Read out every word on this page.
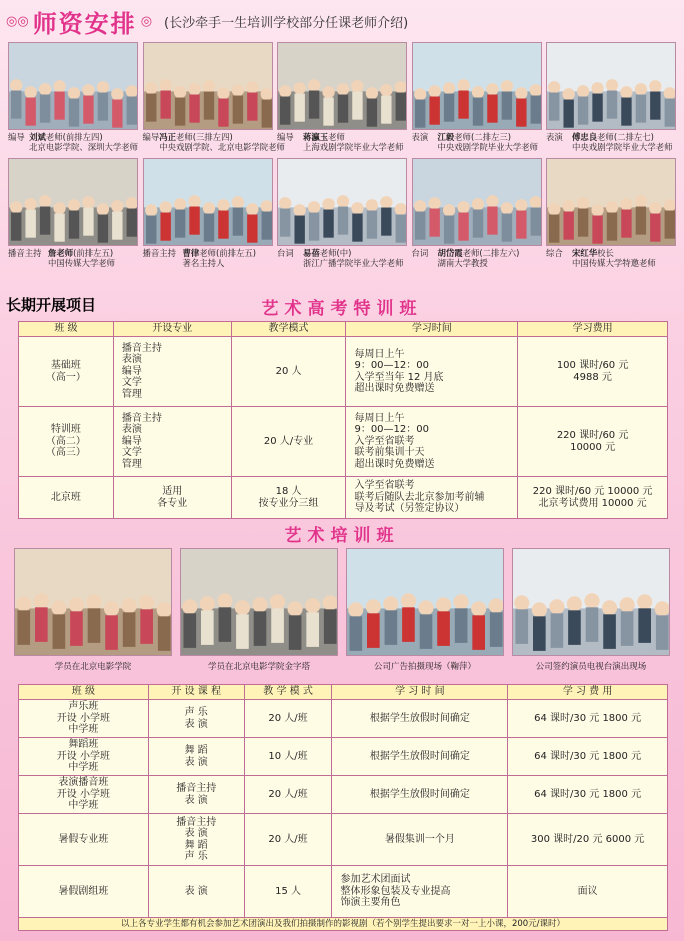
◎◎ 师资安排 ◎ (长沙牵手一生培训学校部分任课老师介绍)
编导 刘斌老师(前排左四)
北京电影学院、深圳大学老师
编导 冯正老师(三排左四)
中央戏剧学院、北京电影学院老师
编导	蒋瀛玉老师
上海戏剧学院毕业大学老师
表演	江毅老师(二排左三)
中央戏剧学院毕业大学老师
表演	傅忠良老师(二排左七)
中央戏剧学院毕业大学老师
播音主持 詹老师(前排左五)
中国传媒大学老师
播音主持 曹律老师(前排左五)
著名主持人
台词	易蓓老师(中)
浙江广播学院毕业大学老师
台词	胡岱霞老师(二排左六)
湖南大学教授
综合	宋红华校长
中国传媒大学特邀老师
长期开展项目	艺术高考特训班
班 级	开设专业	教学模式	学习时间	学习费用

基础班
（高一）	播音主持
表演
编导
文学
管理	20 人	每周日上午
9：00—12：00
入学至当年 12 月底
超出课时免费赠送	100 课时/60 元
4988 元

特训班
（高二）
（高三）	播音主持
表演
编导
文学
管理	20 人/专业	每周日上午
9：00—12：00
入学至省联考
联考前集训十天
超出课时免费赠送	220 课时/60 元
10000 元

北京班	适用
各专业	18 人
按专业分三组	入学至省联考
联考后随队去北京参加考前辅
导及考试（另签定协议）	220 课时/60 元 10000 元
北京考试费用 10000 元
艺术培训班
学员在北京电影学院	学员在北京电影学院金字塔	公司广告拍摄现场（鞠萍）	公司签约演员电视台演出现场
班 级	开 设 课 程	教 学 模 式	学 习 时 间	学 习 费 用

声乐班
开设 小学班
中学班	声 乐
表 演	20 人/班	根据学生放假时间确定	64 课时/30 元 1800 元

舞蹈班
开设 小学班
中学班	舞 蹈
表 演	10 人/班	根据学生放假时间确定	64 课时/30 元 1800 元

表演播音班
开设 小学班
中学班	播音主持
表 演	20 人/班	根据学生放假时间确定	64 课时/30 元 1800 元

暑假专业班	播音主持
表 演
舞 蹈
声 乐	20 人/班	暑假集训一个月	300 课时/20 元 6000 元

暑假剧组班	表 演	15 人	参加艺术团面试
整体形象包装及专业提高
饰演主要角色	面议
以上各专业学生都有机会参加艺术团演出及我们拍摄制作的影视剧（若个别学生提出要求一对一上小课，200元/课时）
